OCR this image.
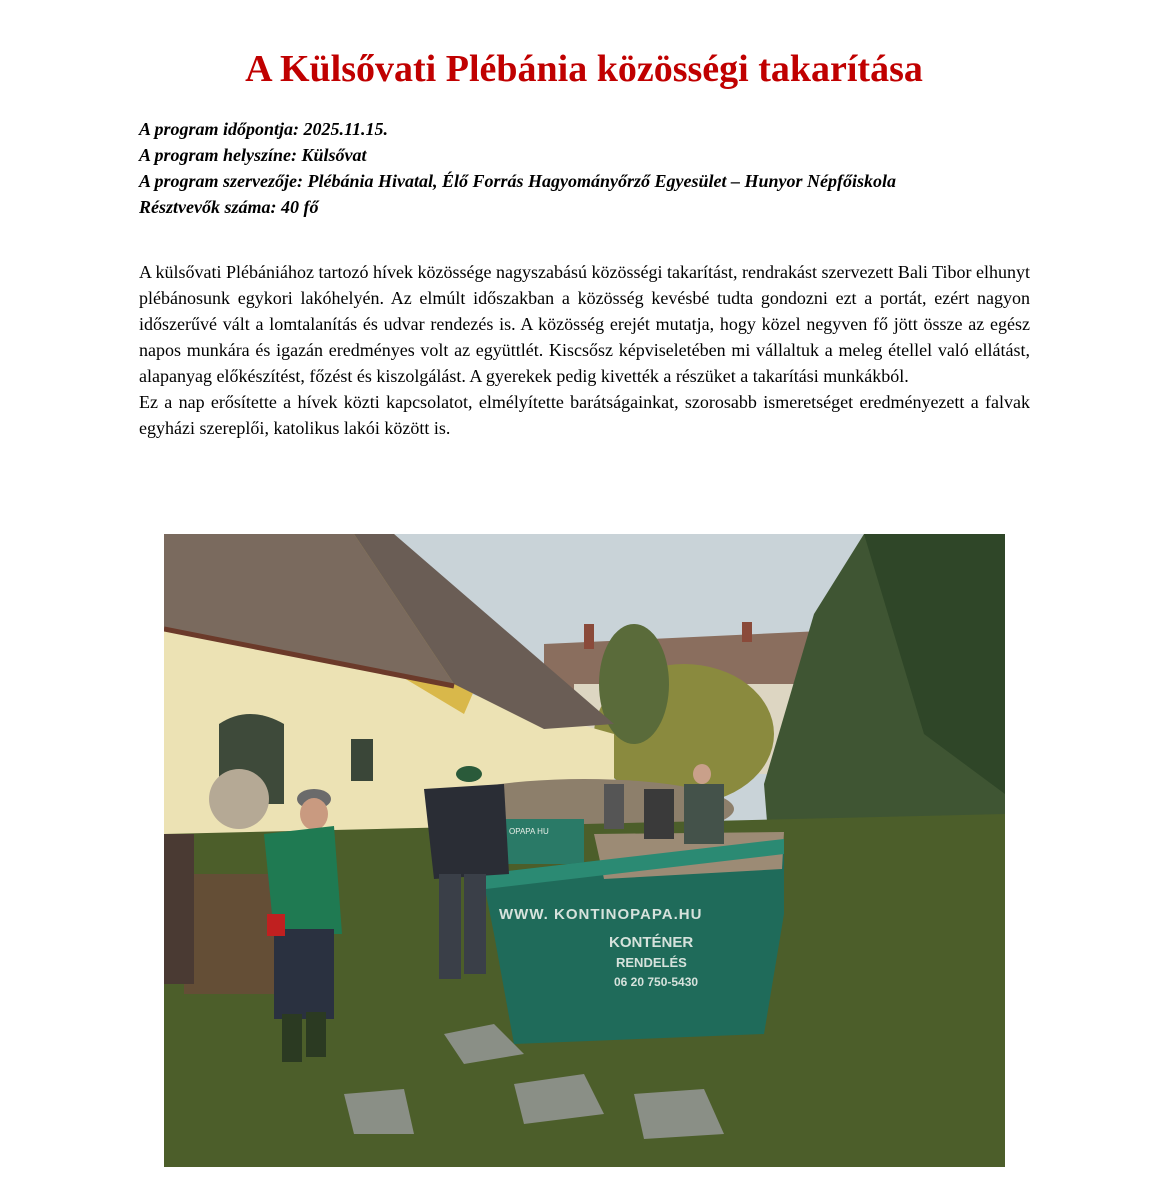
A Külsővati Plébánia közösségi takarítása

A program időpontja: 2025.11.15.

A program helyszíne: Külsővat

A program szervezője: Plébánia Hivatal, Élő Forrás Hagyományőrző Egyesület – Hunyor Népfőiskola

Résztvevők száma: 40 fő

A külsővati Plébániához tartozó hívek közössége nagyszabású közösségi takarítást, rendrakást szervezett Bali Tibor elhunyt plébánosunk egykori lakóhelyén. Az elmúlt időszakban a közösség kevésbé tudta gondozni ezt a portát, ezért nagyon időszerűvé vált a lomtalanítás és udvar rendezés is. A közösség erejét mutatja, hogy közel negyven fő jött össze az egész napos munkára és igazán eredményes volt az együttlét. Kiscsősz képviseletében mi vállaltuk a meleg étellel való ellátást, alapanyag előkészítést, főzést és kiszolgálást. A gyerekek pedig kivették a részüket a takarítási munkákból.

Ez a nap erősítette a hívek közti kapcsolatot, elmélyítette barátságainkat, szorosabb ismeretséget eredményezett a falvak egyházi szereplői, katolikus lakói között is.

OPAPA HU
WWW. KONTINOPAPA.HU
KONTÉNER
RENDELÉS
06 20 750-5430
